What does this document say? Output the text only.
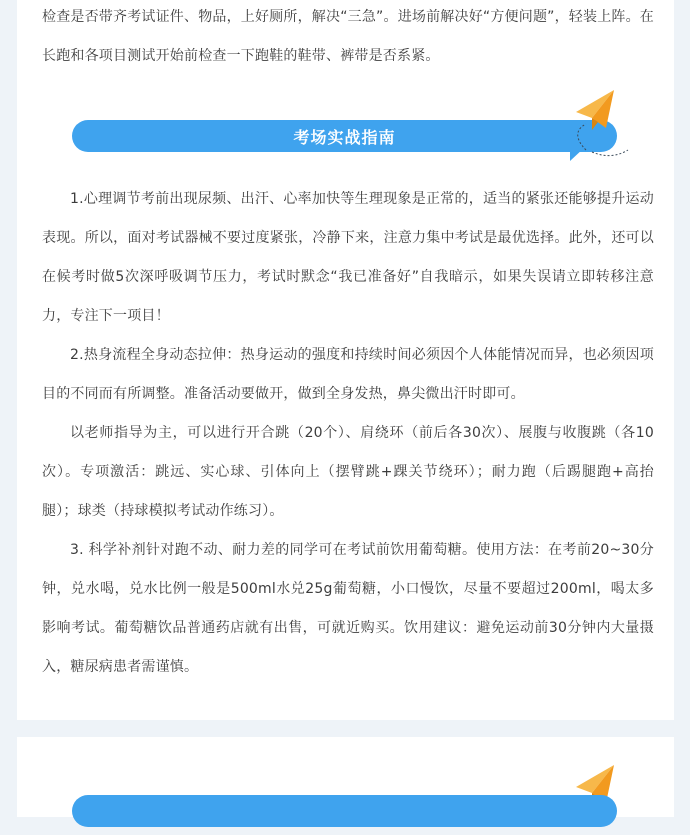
检查是否带齐考试证件、物品，上好厕所，解决“三急”。进场前解决好“方便问题”，轻装上阵。在长跑和各项目测试开始前检查一下跑鞋的鞋带、裤带是否系紧。

考场实战指南

1.心理调节考前出现尿频、出汗、心率加快等生理现象是正常的，适当的紧张还能够提升运动表现。所以，面对考试器械不要过度紧张，冷静下来，注意力集中考试是最优选择。此外，还可以在候考时做5次深呼吸调节压力，考试时默念“我已准备好”自我暗示，如果失误请立即转移注意力，专注下一项目！

2.热身流程全身动态拉伸：热身运动的强度和持续时间必须因个人体能情况而异，也必须因项目的不同而有所调整。准备活动要做开，做到全身发热，鼻尖微出汗时即可。

以老师指导为主，可以进行开合跳（20个）、肩绕环（前后各30次）、展腹与收腹跳（各10次）。专项激活：跳远、实心球、引体向上（摆臂跳+踝关节绕环）；耐力跑（后踢腿跑+高抬腿）；球类（持球模拟考试动作练习）。

3. 科学补剂针对跑不动、耐力差的同学可在考试前饮用葡萄糖。使用方法：在考前20~30分钟，兑水喝，兑水比例一般是500ml水兑25g葡萄糖，小口慢饮，尽量不要超过200ml，喝太多影响考试。葡萄糖饮品普通药店就有出售，可就近购买。饮用建议：避免运动前30分钟内大量摄入，糖尿病患者需谨慎。
